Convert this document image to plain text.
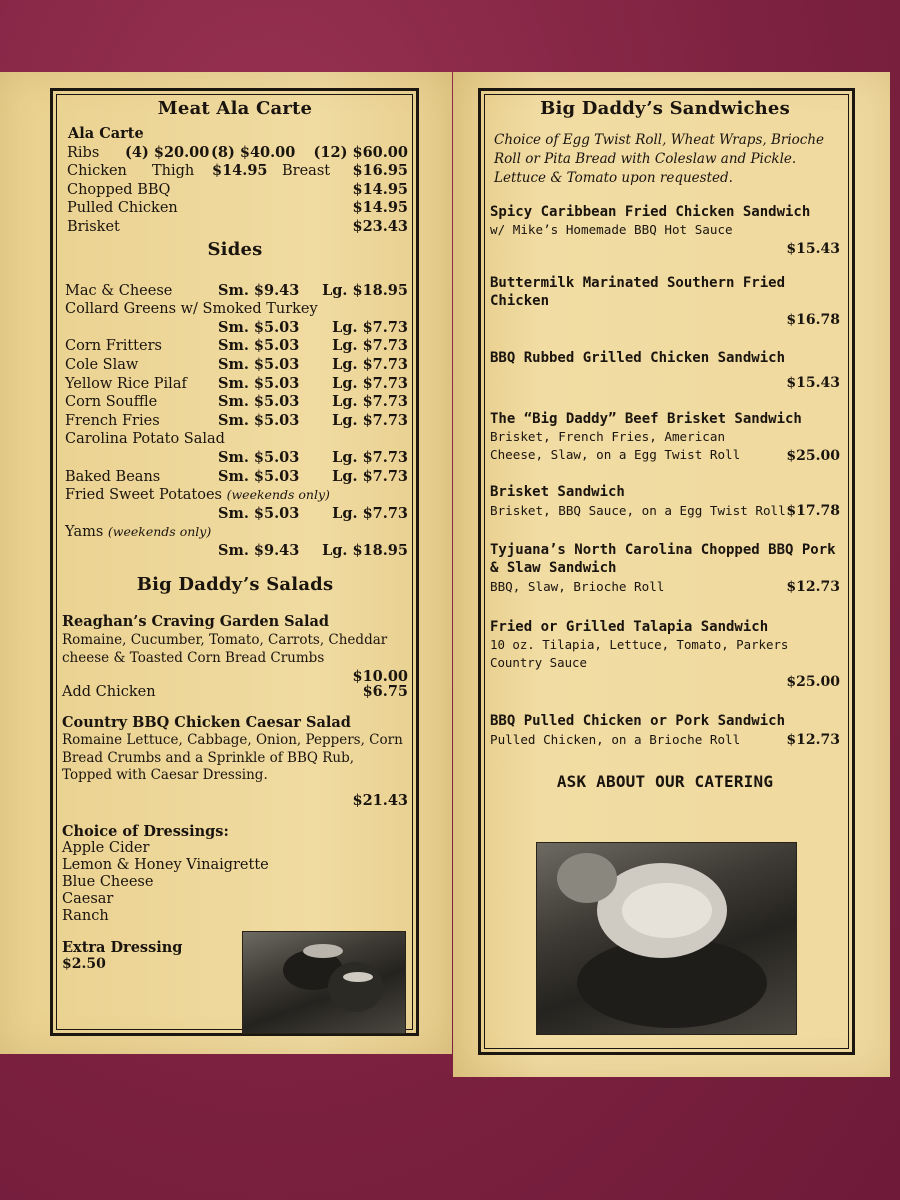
Meat Ala Carte
Ala Carte
Ribs	(4) $20.00 (8) $40.00	(12) $60.00
Chicken	Thigh	$14.95	Breast	$16.95
Chopped BBQ	$14.95
Pulled Chicken	$14.95
Brisket	$23.43
Sides
Mac & Cheese	Sm. $9.43	Lg. $18.95
Collard Greens w/ Smoked Turkey
Sm. $5.03	Lg. $7.73
Corn Fritters	Sm. $5.03	Lg. $7.73
Cole Slaw	Sm. $5.03	Lg. $7.73
Yellow Rice Pilaf	Sm. $5.03	Lg. $7.73
Corn Souffle	Sm. $5.03	Lg. $7.73
French Fries	Sm. $5.03	Lg. $7.73
Carolina Potato Salad
Sm. $5.03	Lg. $7.73
Baked Beans	Sm. $5.03	Lg. $7.73
Fried Sweet Potatoes (weekends only)
Sm. $5.03	Lg. $7.73
Yams (weekends only)
Sm. $9.43	Lg. $18.95
Big Daddy’s Salads
Reaghan’s Craving Garden Salad
Romaine, Cucumber, Tomato, Carrots, Cheddar cheese & Toasted Corn Bread Crumbs
$10.00
Add Chicken	$6.75
Country BBQ Chicken Caesar Salad
Romaine Lettuce, Cabbage, Onion, Peppers, Corn Bread Crumbs and a Sprinkle of BBQ Rub, Topped with Caesar Dressing.
$21.43
Choice of Dressings:
Apple Cider
Lemon & Honey Vinaigrette
Blue Cheese
Caesar
Ranch
Extra Dressing
$2.50
Big Daddy’s Sandwiches
Choice of Egg Twist Roll, Wheat Wraps, Brioche Roll or Pita Bread with Coleslaw and Pickle. Lettuce & Tomato upon requested.
Spicy Caribbean Fried Chicken Sandwich
w/ Mike’s Homemade BBQ Hot Sauce
$15.43
Buttermilk Marinated Southern Fried Chicken
$16.78
BBQ Rubbed Grilled Chicken Sandwich
$15.43
The “Big Daddy” Beef Brisket Sandwich
Brisket, French Fries, American Cheese, Slaw, on a Egg Twist Roll	$25.00
Brisket Sandwich
Brisket, BBQ Sauce, on a Egg Twist Roll $17.78
Tyjuana’s North Carolina Chopped BBQ Pork & Slaw Sandwich
BBQ, Slaw, Brioche Roll	$12.73
Fried or Grilled Talapia Sandwich
10 oz. Tilapia, Lettuce, Tomato, Parkers Country Sauce
$25.00
BBQ Pulled Chicken or Pork Sandwich
Pulled Chicken, on a Brioche Roll	$12.73
ASK ABOUT OUR CATERING
